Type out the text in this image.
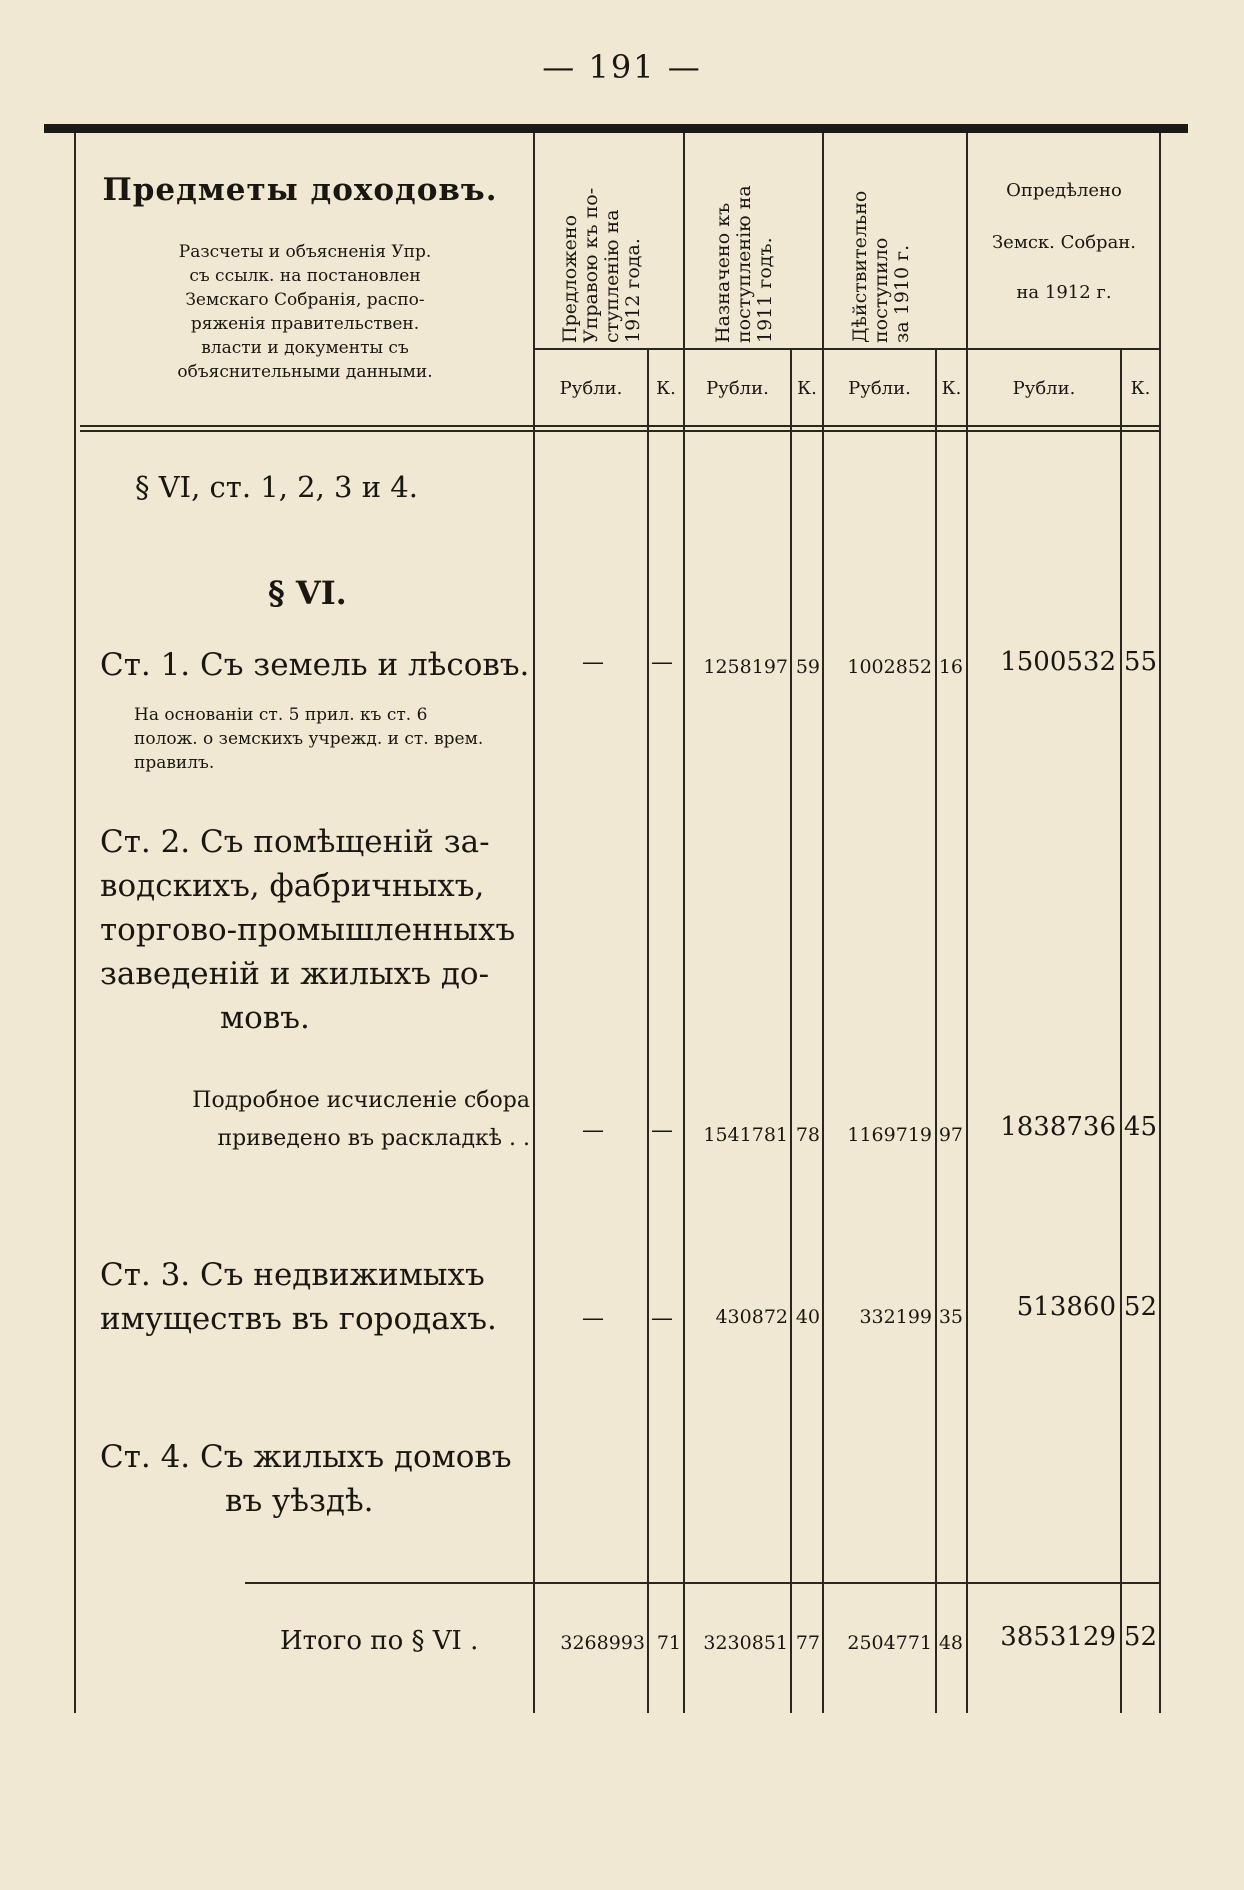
— 191 —
Предметы доходовъ.
Разсчеты и объясненія Упр.
съ ссылк. на постановлен
Земскаго Собранія, распо-
ряженія правительствен.
власти и документы съ
объяснительными данными.
Предложено
Управою къ по-
ступленію на
1912 года.	Назначено къ
поступленію на
1911 годъ.	Дѣйствительно
поступило
за 1910 г.
Опредѣлено
Земск. Собран.
на 1912 г.
Рубли.	К.	Рубли.	К.	Рубли.	К.	Рубли.	К.
§ VI, ст. 1, 2, 3 и 4.
§ VI.
Ст. 1. Съ земель и лѣсовъ.
На основаніи ст. 5 прил. къ ст. 6
полож. о земскихъ учрежд. и ст. врем.
правилъ.
— —	1258197 59	1002852 16	1500532 55
Ст. 2. Съ помѣщеній за-
водскихъ, фабричныхъ,
торгово-промышленныхъ
заведеній и жилыхъ до-
мовъ.
Подробное исчисленіе сбора
приведено въ раскладкѣ . . — —	1541781 78	1169719 97	1838736 45
Ст. 3. Съ недвижимыхъ
имуществъ въ городахъ.	— —	430872 40	332199 35	513860 52
Ст. 4. Съ жилыхъ домовъ
въ уѣздѣ.
Итого по § VI .	3268993 71	3230851 77	2504771 48	3853129 52
